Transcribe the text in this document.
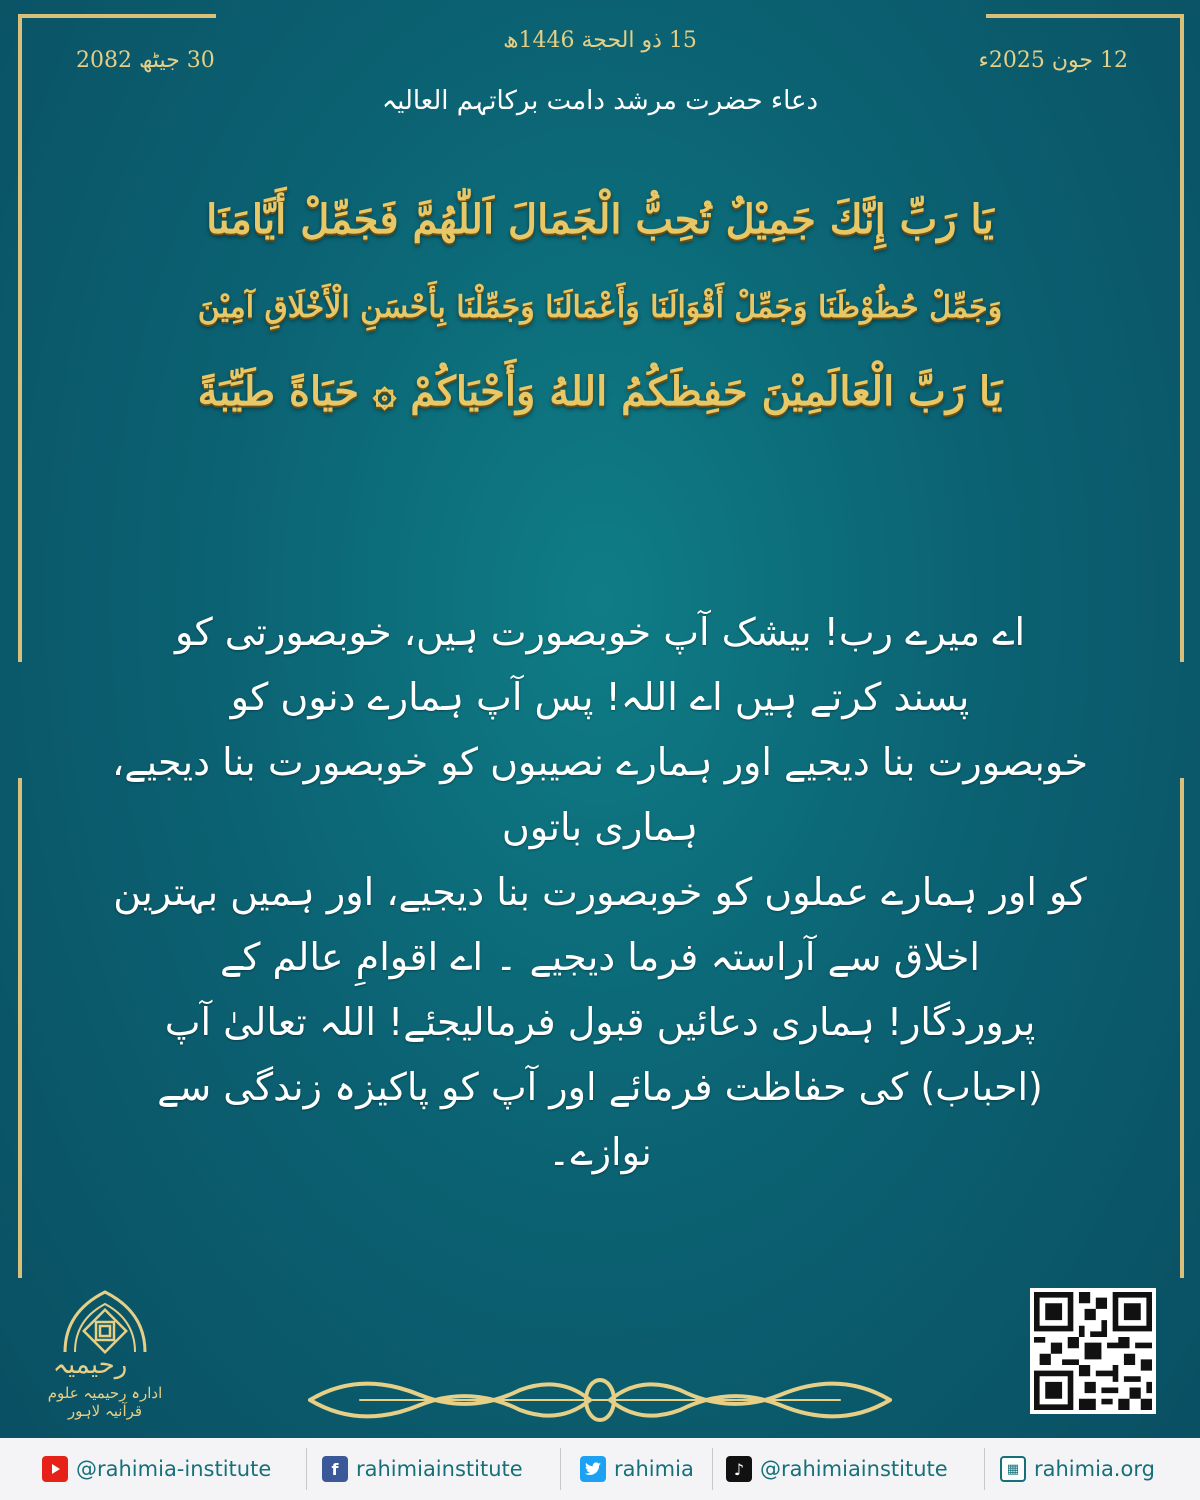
15 ذو الحجة 1446ھ
30 جیٹھ 2082	12 جون 2025ء
دعاء حضرت مرشد دامت برکاتہم العالیہ
يَا رَبِّ إِنَّكَ جَمِيْلٌ تُحِبُّ الْجَمَالَ اَللّٰهُمَّ فَجَمِّلْ أَيَّامَنَا
وَجَمِّلْ حُظُوْظَنَا وَجَمِّلْ أَقْوَالَنَا وَأَعْمَالَنَا وَجَمِّلْنَا بِأَحْسَنِ الْأَخْلَاقِ آمِيْنَ
يَا رَبَّ الْعَالَمِيْنَ حَفِظَكُمُ اللهُ وَأَحْيَاكُمْ ۞ حَيَاةً طَيِّبَةً
اے میرے رب! بیشک آپ خوبصورت ہیں، خوبصورتی کو
پسند کرتے ہیں اے اللہ! پس آپ ہمارے دنوں کو
خوبصورت بنا دیجیے اور ہمارے نصیبوں کو خوبصورت بنا دیجیے، ہماری باتوں
کو اور ہمارے عملوں کو خوبصورت بنا دیجیے، اور ہمیں بہترین
اخلاق سے آراستہ فرما دیجیے ۔ اے اقوامِ عالم کے
پروردگار! ہماری دعائیں قبول فرمالیجئے! اللہ تعالیٰ آپ
(احباب) کی حفاظت فرمائے اور آپ کو پاکیزہ زندگی سے
نوازے۔
رحیمیہ
ادارہ رحیمیہ علوم قرآنیہ لاہور
@rahimia-institute	f rahimiainstitute	rahimia	♪ @rahimiainstitute	▦ rahimia.org
